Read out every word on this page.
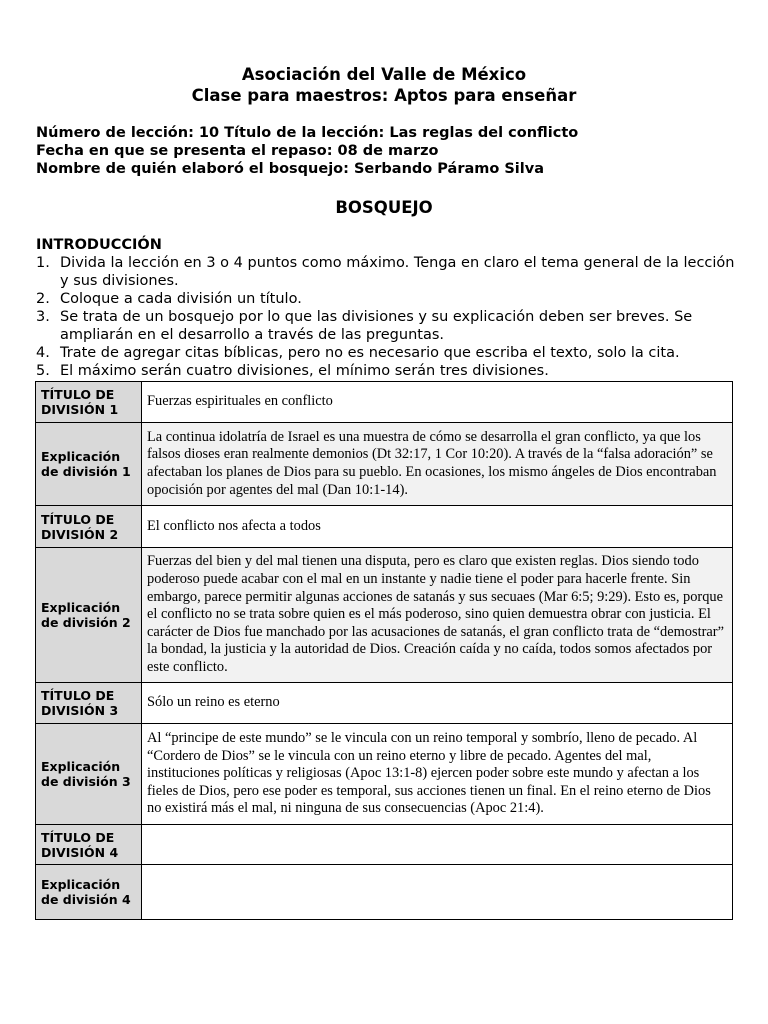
Asociación del Valle de México
Clase para maestros: Aptos para enseñar
Número de lección: 10 Título de la lección: Las reglas del conflicto
Fecha en que se presenta el repaso: 08 de marzo
Nombre de quién elaboró el bosquejo: Serbando Páramo Silva
BOSQUEJO
INTRODUCCIÓN
1. Divida la lección en 3 o 4 puntos como máximo. Tenga en claro el tema general de la lección y sus divisiones.
2. Coloque a cada división un título.
3. Se trata de un bosquejo por lo que las divisiones y su explicación deben ser breves. Se ampliarán en el desarrollo a través de las preguntas.
4. Trate de agregar citas bíblicas, pero no es necesario que escriba el texto, solo la cita.
5. El máximo serán cuatro divisiones, el mínimo serán tres divisiones.
TÍTULO DE DIVISIÓN 1	Fuerzas espirituales en conflicto
Explicación de división 1	La continua idolatría de Israel es una muestra de cómo se desarrolla el gran conflicto, ya que los falsos dioses eran realmente demonios (Dt 32:17, 1 Cor 10:20). A través de la “falsa adoración” se afectaban los planes de Dios para su pueblo. En ocasiones, los mismo ángeles de Dios encontraban opocisión por agentes del mal (Dan 10:1-14).
TÍTULO DE DIVISIÓN 2	El conflicto nos afecta a todos
Explicación de división 2	Fuerzas del bien y del mal tienen una disputa, pero es claro que existen reglas. Dios siendo todo poderoso puede acabar con el mal en un instante y nadie tiene el poder para hacerle frente. Sin embargo, parece permitir algunas acciones de satanás y sus secuaes (Mar 6:5; 9:29). Esto es, porque el conflicto no se trata sobre quien es el más poderoso, sino quien demuestra obrar con justicia. El carácter de Dios fue manchado por las acusaciones de satanás, el gran conflicto trata de “demostrar” la bondad, la justicia y la autoridad de Dios. Creación caída y no caída, todos somos afectados por este conflicto.
TÍTULO DE DIVISIÓN 3	Sólo un reino es eterno
Explicación de división 3	Al “principe de este mundo” se le vincula con un reino temporal y sombrío, lleno de pecado. Al “Cordero de Dios” se le vincula con un reino eterno y libre de pecado. Agentes del mal, instituciones políticas y religiosas (Apoc 13:1-8) ejercen poder sobre este mundo y afectan a los fieles de Dios, pero ese poder es temporal, sus acciones tienen un final. En el reino eterno de Dios no existirá más el mal, ni ninguna de sus consecuencias (Apoc 21:4).
TÍTULO DE DIVISIÓN 4	
Explicación de división 4	
